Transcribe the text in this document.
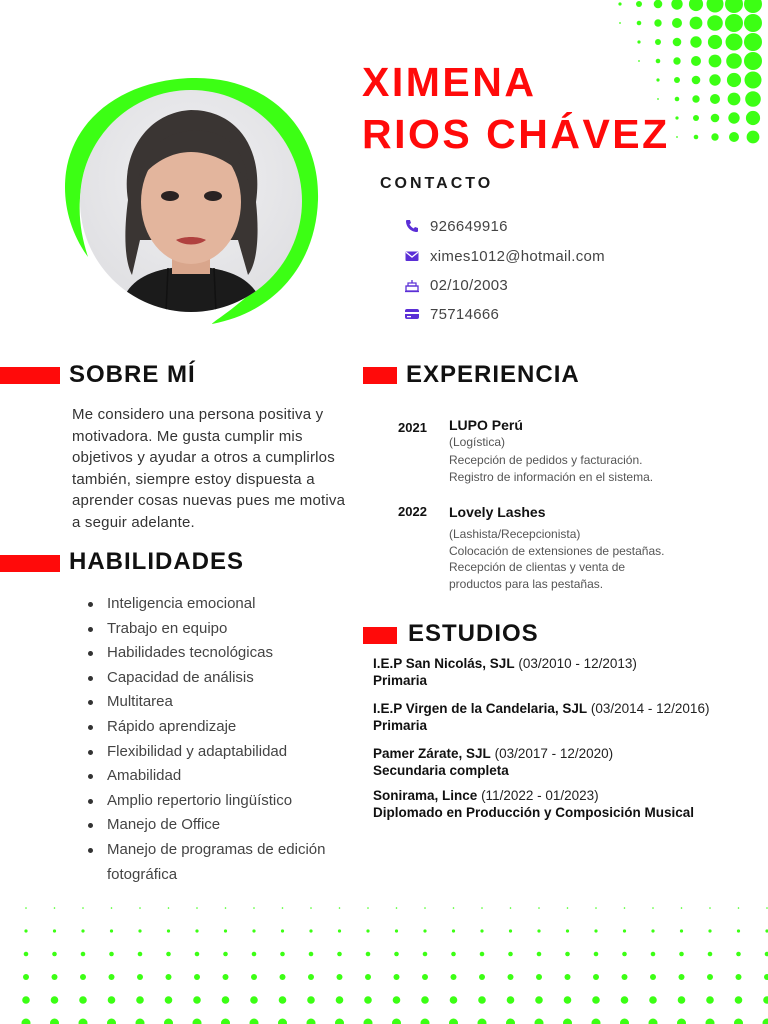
XIMENA
RIOS CHÁVEZ
CONTACTO
926649916
ximes1012@hotmail.com
02/10/2003
75714666
SOBRE MÍ
Me considero una persona positiva y motivadora. Me gusta cumplir mis objetivos y ayudar a otros a cumplirlos también, siempre estoy dispuesta a aprender cosas nuevas pues me motiva a seguir adelante.
HABILIDADES
Inteligencia emocional
Trabajo en equipo
Habilidades tecnológicas
Capacidad de análisis
Multitarea
Rápido aprendizaje
Flexibilidad y adaptabilidad
Amabilidad
Amplio repertorio lingüístico
Manejo de Office
Manejo de programas de edición fotográfica
EXPERIENCIA
2021 LUPO Perú
(Logística)
Recepción de pedidos y facturación.
Registro de información en el sistema.
2022 Lovely Lashes
(Lashista/Recepcionista)
Colocación de extensiones de pestañas.
Recepción de clientas y venta de
productos para las pestañas.
ESTUDIOS
I.E.P San Nicolás, SJL (03/2010 - 12/2013)
Primaria
I.E.P Virgen de la Candelaria, SJL (03/2014 - 12/2016)
Primaria
Pamer Zárate, SJL (03/2017 - 12/2020)
Secundaria completa
Sonirama, Lince (11/2022 - 01/2023)
Diplomado en Producción y Composición Musical
